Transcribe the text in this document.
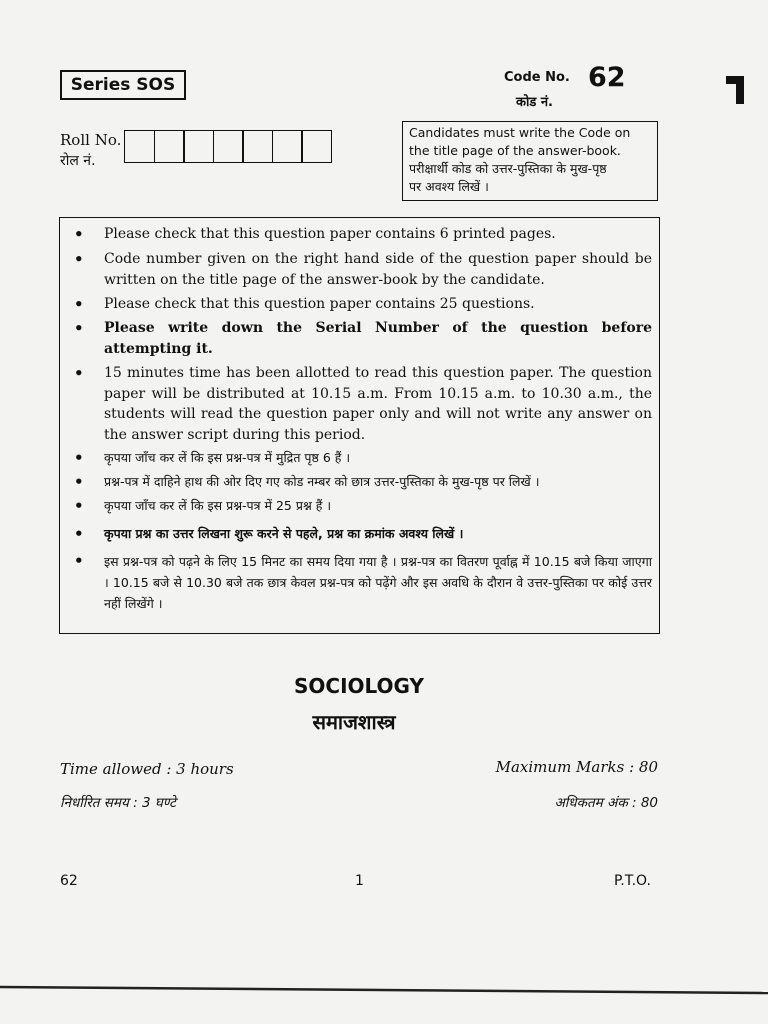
Series SOS	Code No. 62
कोड नं.
Roll No.
रोल नं.
Candidates must write the Code on
the title page of the answer-book.
परीक्षार्थी कोड को उत्तर-पुस्तिका के मुख-पृष्ठ
पर अवश्य लिखें ।
• Please check that this question paper contains 6 printed pages.
• Code number given on the right hand side of the question paper should be written on the title page of the answer-book by the candidate.
• Please check that this question paper contains 25 questions.
• Please write down the Serial Number of the question before attempting it.
• 15 minutes time has been allotted to read this question paper. The question paper will be distributed at 10.15 a.m. From 10.15 a.m. to 10.30 a.m., the students will read the question paper only and will not write any answer on the answer script during this period.
• कृपया जाँच कर लें कि इस प्रश्न-पत्र में मुद्रित पृष्ठ 6 हैं ।
• प्रश्न-पत्र में दाहिने हाथ की ओर दिए गए कोड नम्बर को छात्र उत्तर-पुस्तिका के मुख-पृष्ठ पर लिखें ।
• कृपया जाँच कर लें कि इस प्रश्न-पत्र में 25 प्रश्न हैं ।
• कृपया प्रश्न का उत्तर लिखना शुरू करने से पहले, प्रश्न का क्रमांक अवश्य लिखें ।
• इस प्रश्न-पत्र को पढ़ने के लिए 15 मिनट का समय दिया गया है । प्रश्न-पत्र का वितरण पूर्वाह्न में 10.15 बजे किया जाएगा । 10.15 बजे से 10.30 बजे तक छात्र केवल प्रश्न-पत्र को पढ़ेंगे और इस अवधि के दौरान वे उत्तर-पुस्तिका पर कोई उत्तर नहीं लिखेंगे ।
SOCIOLOGY
समाजशास्त्र
Time allowed : 3 hours	Maximum Marks : 80
निर्धारित समय : 3 घण्टे	अधिकतम अंक : 80
62	1	P.T.O.
